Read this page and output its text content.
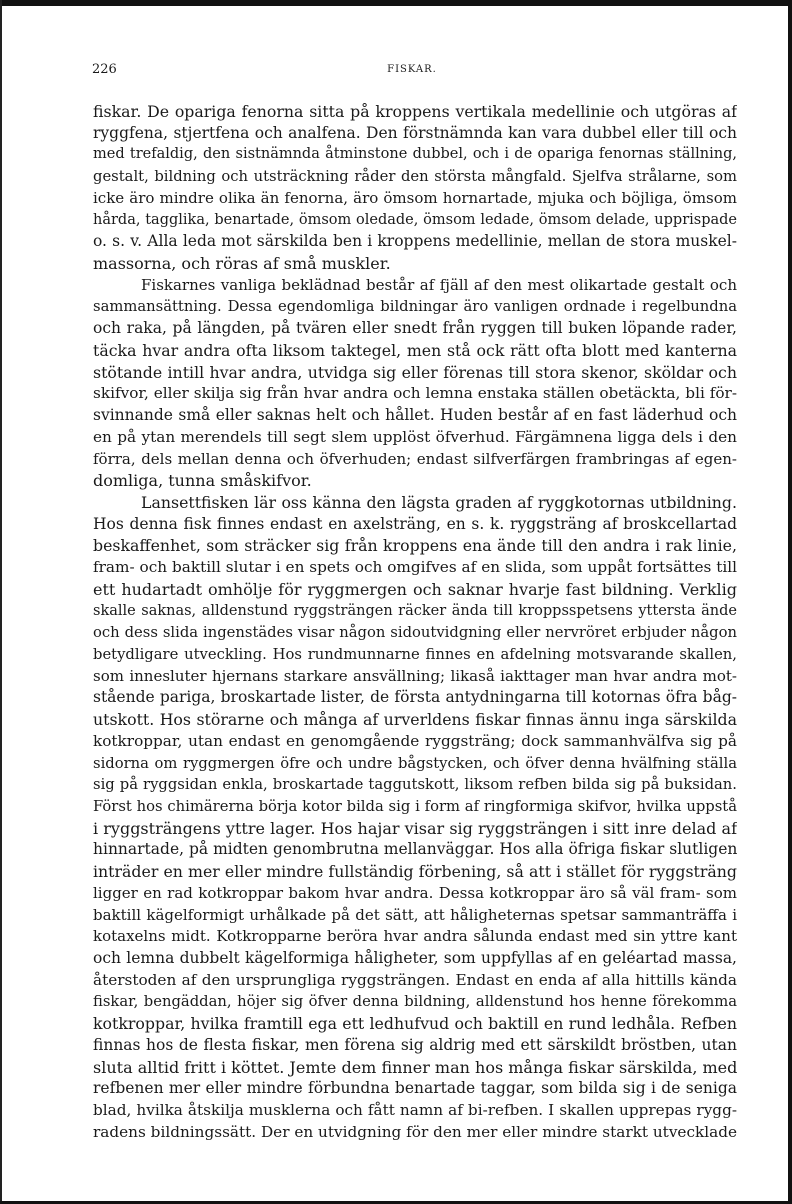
226	FISKAR.
fiskar. De opariga fenorna sitta på kroppens vertikala medellinie och utgöras af
ryggfena, stjertfena och analfena. Den förstnämnda kan vara dubbel eller till och
med trefaldig, den sistnämnda åtminstone dubbel, och i de opariga fenornas ställning,
gestalt, bildning och utsträckning råder den största mångfald. Sjelfva strålarne, som
icke äro mindre olika än fenorna, äro ömsom hornartade, mjuka och böjliga, ömsom
hårda, tagglika, benartade, ömsom oledade, ömsom ledade, ömsom delade, upprispade
o. s. v. Alla leda mot särskilda ben i kroppens medellinie, mellan de stora muskel-
massorna, och röras af små muskler.
Fiskarnes vanliga beklädnad består af fjäll af den mest olikartade gestalt och
sammansättning. Dessa egendomliga bildningar äro vanligen ordnade i regelbundna
och raka, på längden, på tvären eller snedt från ryggen till buken löpande rader,
täcka hvar andra ofta liksom taktegel, men stå ock rätt ofta blott med kanterna
stötande intill hvar andra, utvidga sig eller förenas till stora skenor, sköldar och
skifvor, eller skilja sig från hvar andra och lemna enstaka ställen obetäckta, bli för-
svinnande små eller saknas helt och hållet. Huden består af en fast läderhud och
en på ytan merendels till segt slem upplöst öfverhud. Färgämnena ligga dels i den
förra, dels mellan denna och öfverhuden; endast silfverfärgen frambringas af egen-
domliga, tunna småskifvor.
Lansettfisken lär oss känna den lägsta graden af ryggkotornas utbildning.
Hos denna fisk finnes endast en axelsträng, en s. k. ryggsträng af broskcellartad
beskaffenhet, som sträcker sig från kroppens ena ände till den andra i rak linie,
fram- och baktill slutar i en spets och omgifves af en slida, som uppåt fortsättes till
ett hudartadt omhölje för ryggmergen och saknar hvarje fast bildning. Verklig
skalle saknas, alldenstund ryggsträngen räcker ända till kroppsspetsens yttersta ände
och dess slida ingenstädes visar någon sidoutvidgning eller nervröret erbjuder någon
betydligare utveckling. Hos rundmunnarne finnes en afdelning motsvarande skallen,
som innesluter hjernans starkare ansvällning; likaså iakttager man hvar andra mot-
stående pariga, broskartade lister, de första antydningarna till kotornas öfra båg-
utskott. Hos störarne och många af urverldens fiskar finnas ännu inga särskilda
kotkroppar, utan endast en genomgående ryggsträng; dock sammanhvälfva sig på
sidorna om ryggmergen öfre och undre bågstycken, och öfver denna hvälfning ställa
sig på ryggsidan enkla, broskartade taggutskott, liksom refben bilda sig på buksidan.
Först hos chimärerna börja kotor bilda sig i form af ringformiga skifvor, hvilka uppstå
i ryggsträngens yttre lager. Hos hajar visar sig ryggsträngen i sitt inre delad af
hinnartade, på midten genombrutna mellanväggar. Hos alla öfriga fiskar slutligen
inträder en mer eller mindre fullständig förbening, så att i stället för ryggsträng
ligger en rad kotkroppar bakom hvar andra. Dessa kotkroppar äro så väl fram- som
baktill kägelformigt urhålkade på det sätt, att håligheternas spetsar sammanträffa i
kotaxelns midt. Kotkropparne beröra hvar andra sålunda endast med sin yttre kant
och lemna dubbelt kägelformiga håligheter, som uppfyllas af en geléartad massa,
återstoden af den ursprungliga ryggsträngen. Endast en enda af alla hittills kända
fiskar, bengäddan, höjer sig öfver denna bildning, alldenstund hos henne förekomma
kotkroppar, hvilka framtill ega ett ledhufvud och baktill en rund ledhåla. Refben
finnas hos de flesta fiskar, men förena sig aldrig med ett särskildt bröstben, utan
sluta alltid fritt i köttet. Jemte dem finner man hos många fiskar särskilda, med
refbenen mer eller mindre förbundna benartade taggar, som bilda sig i de seniga
blad, hvilka åtskilja musklerna och fått namn af bi-refben. I skallen upprepas rygg-
radens bildningssätt. Der en utvidgning för den mer eller mindre starkt utvecklade
